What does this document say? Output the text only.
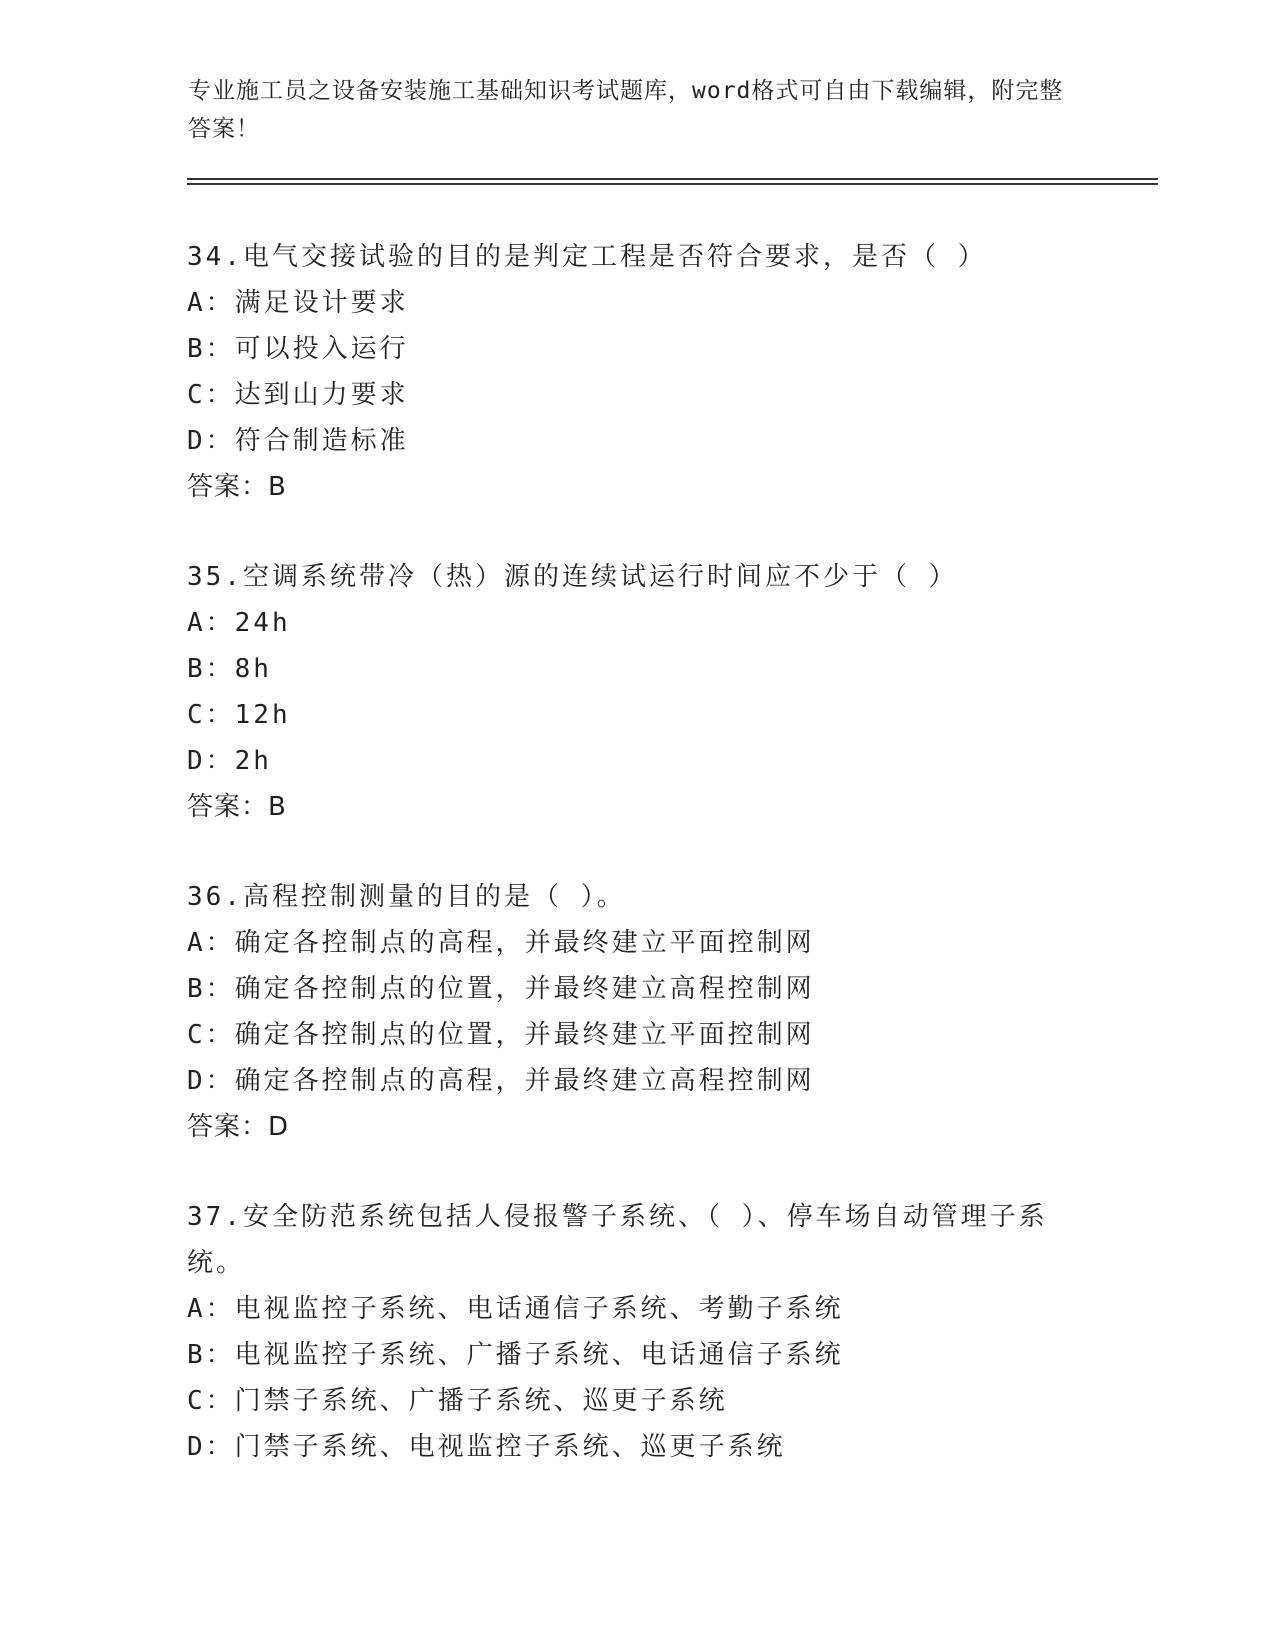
专业施工员之设备安装施工基础知识考试题库，word格式可自由下载编辑，附完整答案！

34.电气交接试验的目的是判定工程是否符合要求，是否（ ）

A：满足设计要求

B：可以投入运行

C：达到山力要求

D：符合制造标准

答案：B

35.空调系统带冷（热）源的连续试运行时间应不少于（ ）

A：24h

B：8h

C：12h

D：2h

答案：B

36.高程控制测量的目的是（ ）。

A：确定各控制点的高程，并最终建立平面控制网

B：确定各控制点的位置，并最终建立高程控制网

C：确定各控制点的位置，并最终建立平面控制网

D：确定各控制点的高程，并最终建立高程控制网

答案：D

37.安全防范系统包括人侵报警子系统、（ ）、停车场自动管理子系统。

A：电视监控子系统、电话通信子系统、考勤子系统

B：电视监控子系统、广播子系统、电话通信子系统

C：门禁子系统、广播子系统、巡更子系统

D：门禁子系统、电视监控子系统、巡更子系统
